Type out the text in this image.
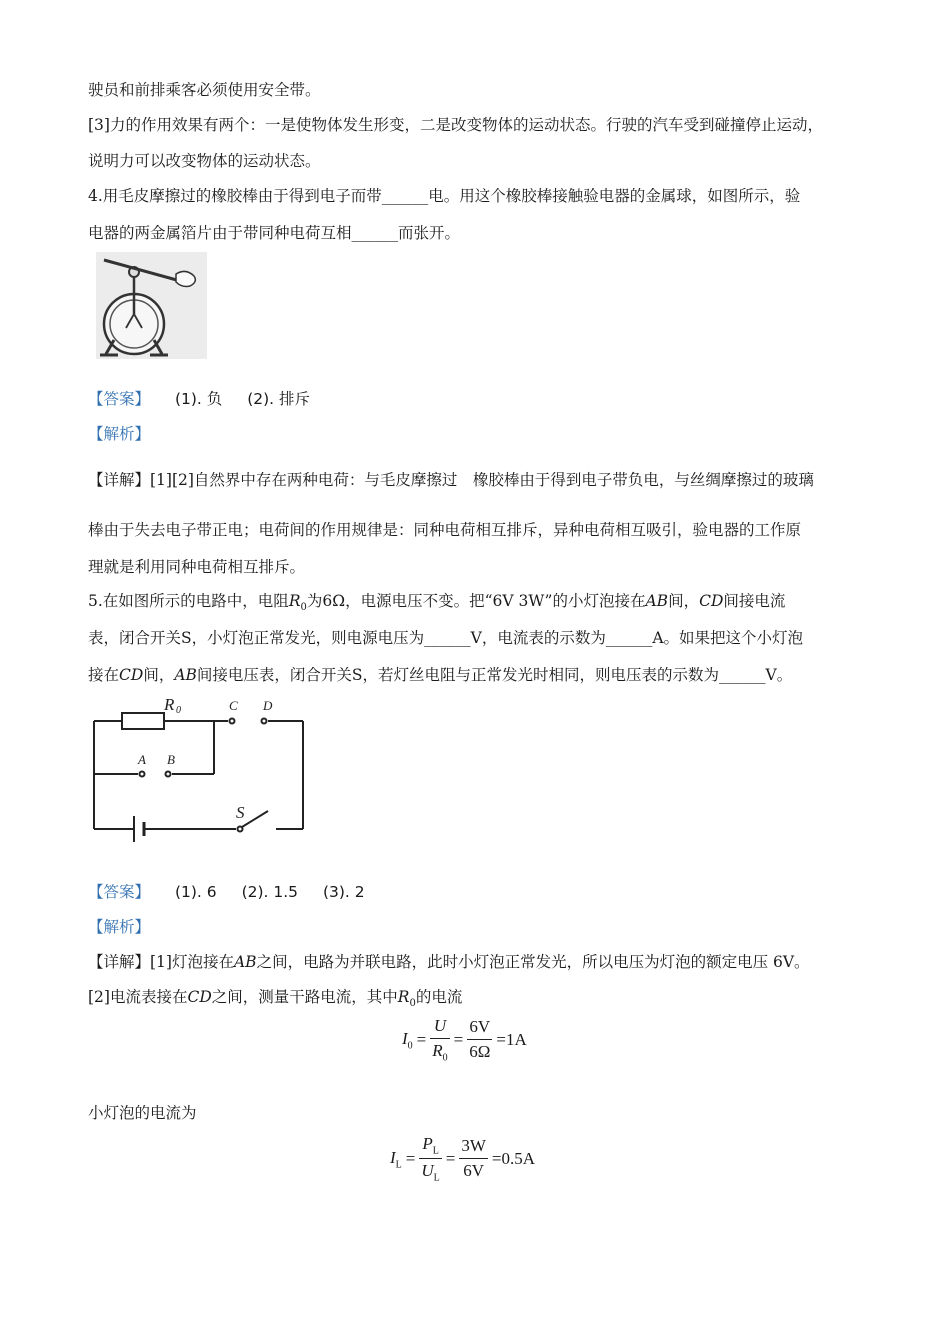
驶员和前排乘客必须使用安全带。
[3]力的作用效果有两个：一是使物体发生形变，二是改变物体的运动状态。行驶的汽车受到碰撞停止运动，
说明力可以改变物体的运动状态。
4.用毛皮摩擦过的橡胶棒由于得到电子而带______电。用这个橡胶棒接触验电器的金属球，如图所示，验
电器的两金属箔片由于带同种电荷互相______而张开。
【答案】 (1). 负 (2). 排斥
【解析】
【详解】[1][2]自然界中存在两种电荷：与毛皮摩擦过　橡胶棒由于得到电子带负电，与丝绸摩擦过的玻璃
棒由于失去电子带正电；电荷间的作用规律是：同种电荷相互排斥，异种电荷相互吸引，验电器的工作原
理就是利用同种电荷相互排斥。
5.在如图所示的电路中，电阻$R_0$为6Ω，电源电压不变。把“6V 3W”的小灯泡接在AB间，CD间接电流
表，闭合开关S，小灯泡正常发光，则电源电压为______V，电流表的示数为______A。如果把这个小灯泡
接在CD间，AB间接电压表，闭合开关S，若灯丝电阻与正常发光时相同，则电压表的示数为______V。
R 0	C D
A B
S
【答案】 (1). 6 (2). 1.5 (3). 2
【解析】
【详解】[1]灯泡接在AB之间，电路为并联电路，此时小灯泡正常发光，所以电压为灯泡的额定电压 6V。
[2]电流表接在CD之间，测量干路电流，其中$R_0$的电流
$I_0 = \frac{U}{R_0} = \frac{6V}{6\Omega} =1A$
小灯泡的电流为
$I_L = \frac{P_L}{U_L} = \frac{3W}{6V} =0.5A$
